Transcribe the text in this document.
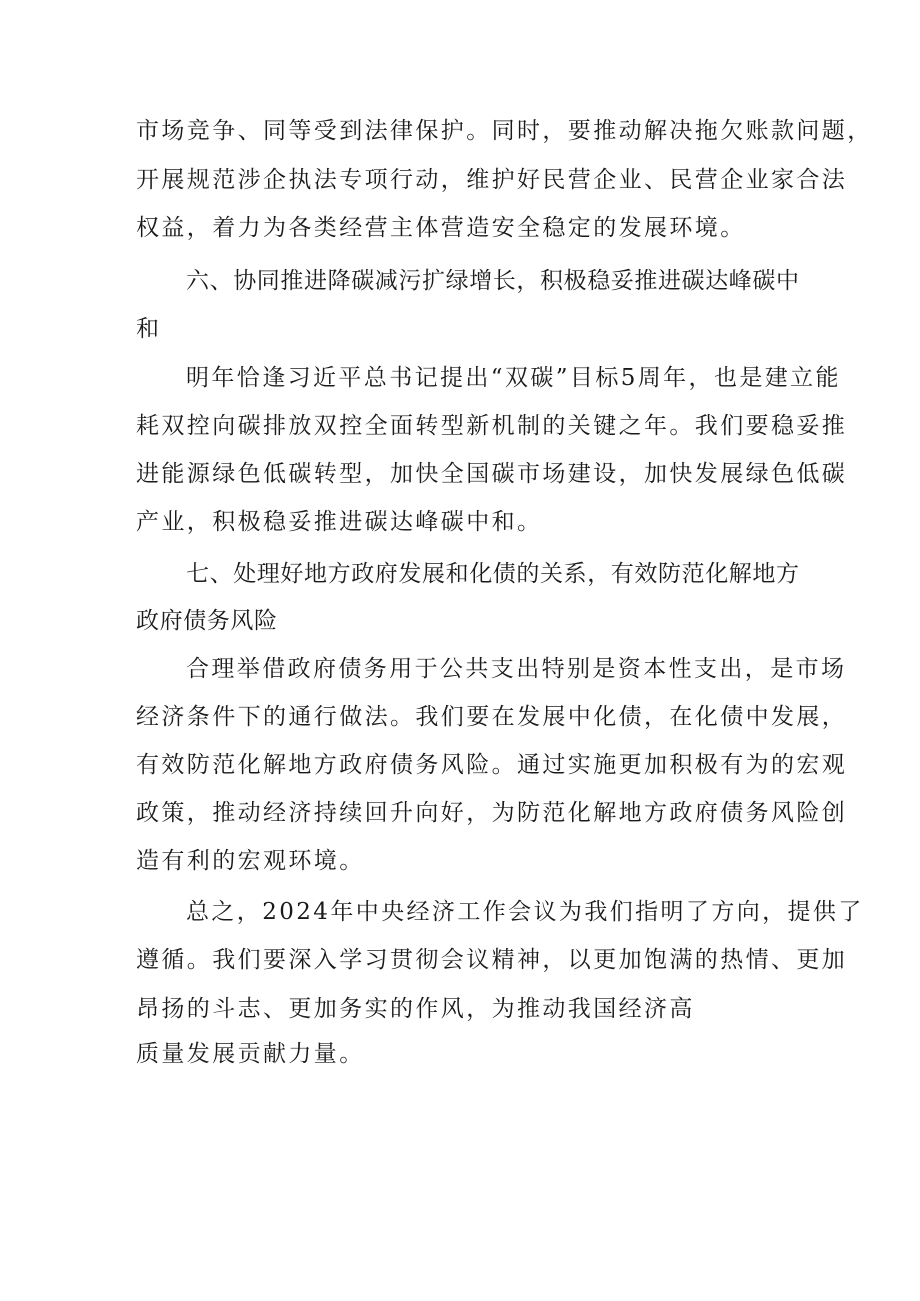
市场竞争、同等受到法律保护。同时，要推动解决拖欠账款问题，
开展规范涉企执法专项行动，维护好民营企业、民营企业家合法
权益，着力为各类经营主体营造安全稳定的发展环境。
六、协同推进降碳减污扩绿增长，积极稳妥推进碳达峰碳中
和
明年恰逢习近平总书记提出“双碳”目标5周年，也是建立能
耗双控向碳排放双控全面转型新机制的关键之年。我们要稳妥推
进能源绿色低碳转型，加快全国碳市场建设，加快发展绿色低碳
产业，积极稳妥推进碳达峰碳中和。
七、处理好地方政府发展和化债的关系，有效防范化解地方
政府债务风险
合理举借政府债务用于公共支出特别是资本性支出，是市场
经济条件下的通行做法。我们要在发展中化债，在化债中发展，
有效防范化解地方政府债务风险。通过实施更加积极有为的宏观
政策，推动经济持续回升向好，为防范化解地方政府债务风险创
造有利的宏观环境。
总之，2024年中央经济工作会议为我们指明了方向，提供了
遵循。我们要深入学习贯彻会议精神，以更加饱满的热情、更加
昂扬的斗志、更加务实的作风，为推动我国经济高
质量发展贡献力量。
